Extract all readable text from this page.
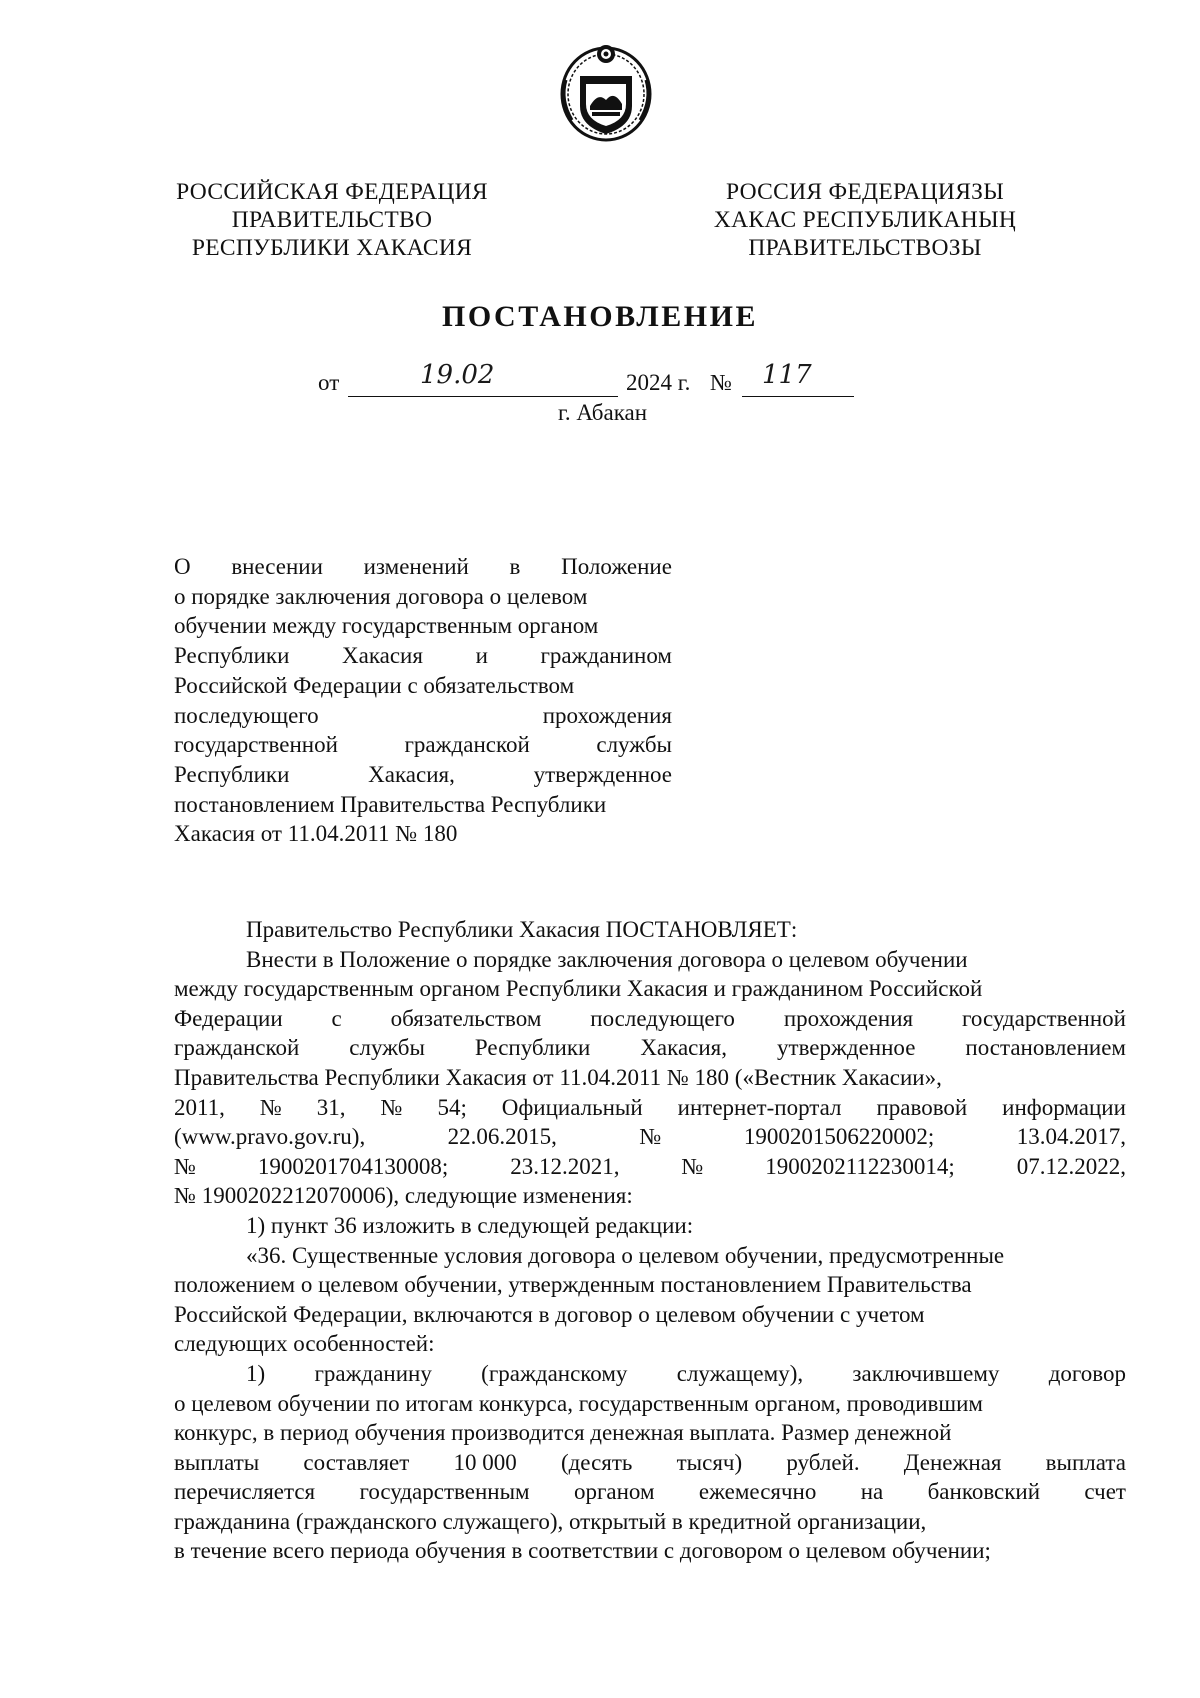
РОССИЙСКАЯ ФЕДЕРАЦИЯ
ПРАВИТЕЛЬСТВО
РЕСПУБЛИКИ ХАКАСИЯ
РОССИЯ ФЕДЕРАЦИЯЗЫ
ХАКАС РЕСПУБЛИКАНЫҢ
ПРАВИТЕЛЬСТВОЗЫ
ПОСТАНОВЛЕНИЕ
от	19.02	2024 г. № 117
г. Абакан
О внесении изменений в Положение
о порядке заключения договора о целевом
обучении между государственным органом
Республики Хакасия и гражданином
Российской Федерации с обязательством
последующего	прохождения
государственной	гражданской	службы
Республики	Хакасия,	утвержденное
постановлением Правительства Республики
Хакасия от 11.04.2011 № 180
Правительство Республики Хакасия ПОСТАНОВЛЯЕТ:
Внести в Положение о порядке заключения договора о целевом обучении
между государственным органом Республики Хакасия и гражданином Российской
Федерации с обязательством последующего прохождения государственной
гражданской службы Республики Хакасия, утвержденное постановлением
Правительства Республики Хакасия от 11.04.2011 № 180 («Вестник Хакасии»,
2011, № 31, № 54; Официальный интернет-портал правовой информации
(www.pravo.gov.ru),	22.06.2015,	№	1900201506220002;	13.04.2017,
№	1900201704130008;	23.12.2021,	№	1900202112230014;	07.12.2022,
№ 1900202212070006), следующие изменения:
1) пункт 36 изложить в следующей редакции:
«36. Существенные условия договора о целевом обучении, предусмотренные
положением о целевом обучении, утвержденным постановлением Правительства
Российской Федерации, включаются в договор о целевом обучении с учетом
следующих особенностей:
1) гражданину (гражданскому служащему), заключившему договор
о целевом обучении по итогам конкурса, государственным органом, проводившим
конкурс, в период обучения производится денежная выплата. Размер денежной
выплаты составляет 10 000 (десять тысяч) рублей. Денежная выплата
перечисляется государственным органом ежемесячно на банковский счет
гражданина (гражданского служащего), открытый в кредитной организации,
в течение всего периода обучения в соответствии с договором о целевом обучении;
